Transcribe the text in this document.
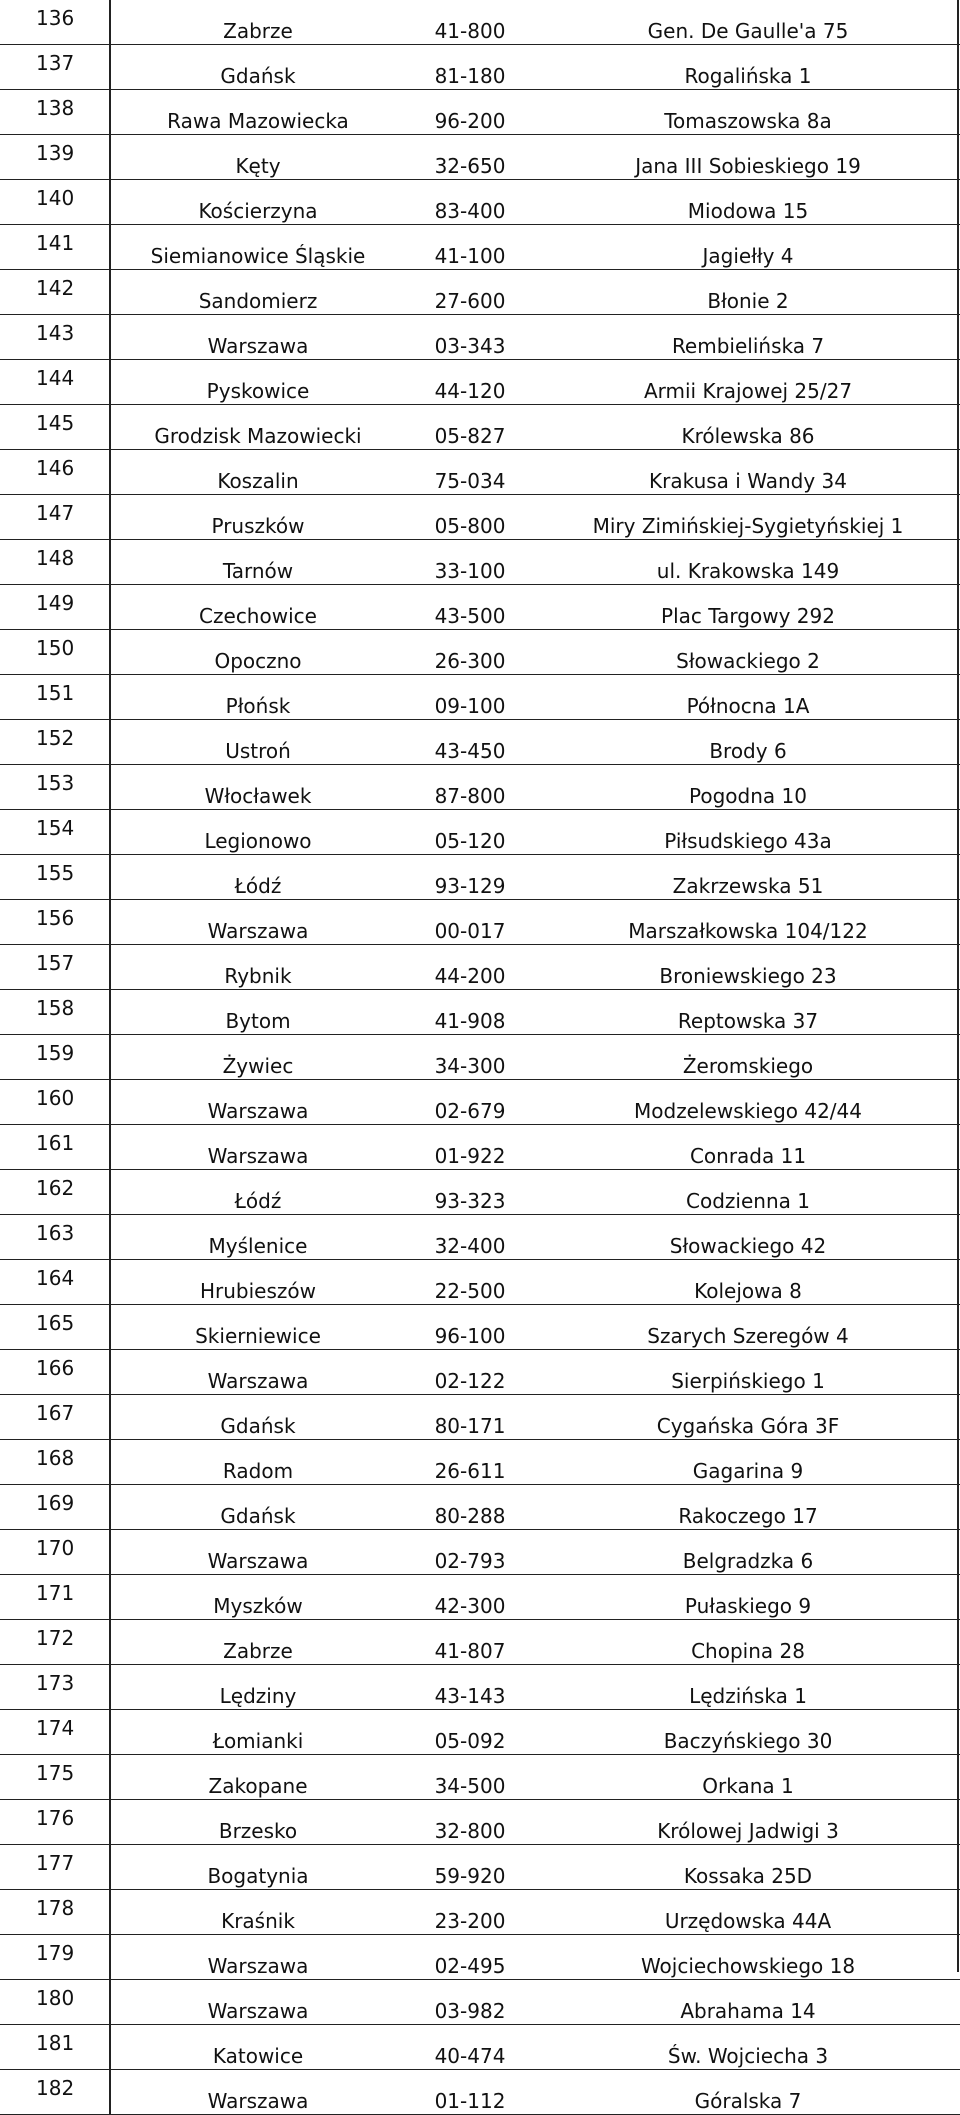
136	Zabrze	41-800	Gen. De Gaulle'a 75
137	Gdańsk	81-180	Rogalińska 1
138	Rawa Mazowiecka	96-200	Tomaszowska 8a
139	Kęty	32-650	Jana III Sobieskiego 19
140	Kościerzyna	83-400	Miodowa 15
141	Siemianowice Śląskie	41-100	Jagiełły 4
142	Sandomierz	27-600	Błonie 2
143	Warszawa	03-343	Rembielińska 7
144	Pyskowice	44-120	Armii Krajowej 25/27
145	Grodzisk Mazowiecki	05-827	Królewska 86
146	Koszalin	75-034	Krakusa i Wandy 34
147	Pruszków	05-800	Miry Zimińskiej-Sygietyńskiej 1
148	Tarnów	33-100	ul. Krakowska 149
149	Czechowice	43-500	Plac Targowy 292
150	Opoczno	26-300	Słowackiego 2
151	Płońsk	09-100	Północna 1A
152	Ustroń	43-450	Brody 6
153	Włocławek	87-800	Pogodna 10
154	Legionowo	05-120	Piłsudskiego 43a
155	Łódź	93-129	Zakrzewska 51
156	Warszawa	00-017	Marszałkowska 104/122
157	Rybnik	44-200	Broniewskiego 23
158	Bytom	41-908	Reptowska 37
159	Żywiec	34-300	Żeromskiego
160	Warszawa	02-679	Modzelewskiego 42/44
161	Warszawa	01-922	Conrada 11
162	Łódź	93-323	Codzienna 1
163	Myślenice	32-400	Słowackiego 42
164	Hrubieszów	22-500	Kolejowa 8
165	Skierniewice	96-100	Szarych Szeregów 4
166	Warszawa	02-122	Sierpińskiego 1
167	Gdańsk	80-171	Cygańska Góra 3F
168	Radom	26-611	Gagarina 9
169	Gdańsk	80-288	Rakoczego 17
170	Warszawa	02-793	Belgradzka 6
171	Myszków	42-300	Pułaskiego 9
172	Zabrze	41-807	Chopina 28
173	Lędziny	43-143	Lędzińska 1
174	Łomianki	05-092	Baczyńskiego 30
175	Zakopane	34-500	Orkana 1
176	Brzesko	32-800	Królowej Jadwigi 3
177	Bogatynia	59-920	Kossaka 25D
178	Kraśnik	23-200	Urzędowska 44A
179	Warszawa	02-495	Wojciechowskiego 18
180	Warszawa	03-982	Abrahama 14
181	Katowice	40-474	Św. Wojciecha 3
182	Warszawa	01-112	Góralska 7
